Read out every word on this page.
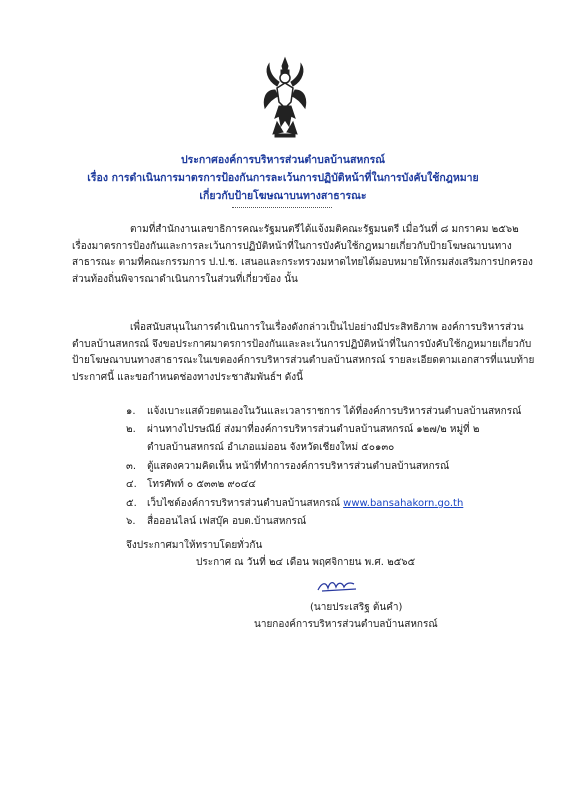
ประกาศองค์การบริหารส่วนตำบลบ้านสหกรณ์
เรื่อง การดำเนินการมาตรการป้องกันการละเว้นการปฏิบัติหน้าที่ในการบังคับใช้กฎหมาย
เกี่ยวกับป้ายโฆษณาบนทางสาธารณะ
ตามที่สำนักงานเลขาธิการคณะรัฐมนตรีได้แจ้งมติคณะรัฐมนตรี เมื่อวันที่ ๘ มกราคม ๒๕๖๒
เรื่องมาตรการป้องกันและการละเว้นการปฏิบัติหน้าที่ในการบังคับใช้กฎหมายเกี่ยวกับป้ายโฆษณาบนทาง
สาธารณะ ตามที่คณะกรรมการ ป.ป.ช. เสนอและกระทรวงมหาดไทยได้มอบหมายให้กรมส่งเสริมการปกครอง
ส่วนท้องถิ่นพิจารณาดำเนินการในส่วนที่เกี่ยวข้อง นั้น
เพื่อสนับสนุนในการดำเนินการในเรื่องดังกล่าวเป็นไปอย่างมีประสิทธิภาพ องค์การบริหารส่วน
ตำบลบ้านสหกรณ์ จึงขอประกาศมาตรการป้องกันและละเว้นการปฏิบัติหน้าที่ในการบังคับใช้กฎหมายเกี่ยวกับ
ป้ายโฆษณาบนทางสาธารณะในเขตองค์การบริหารส่วนตำบลบ้านสหกรณ์ รายละเอียดตามเอกสารที่แนบท้าย
ประกาศนี้ และขอกำหนดช่องทางประชาสัมพันธ์ฯ ดังนี้
๑. แจ้งเบาะแสด้วยตนเองในวันและเวลาราชการ ได้ที่องค์การบริหารส่วนตำบลบ้านสหกรณ์
๒. ผ่านทางไปรษณีย์ ส่งมาที่องค์การบริหารส่วนตำบลบ้านสหกรณ์ ๑๒๗/๒ หมู่ที่ ๒
ตำบลบ้านสหกรณ์ อำเภอแม่ออน จังหวัดเชียงใหม่ ๕๐๑๓๐
๓. ตู้แสดงความคิดเห็น หน้าที่ทำการองค์การบริหารส่วนตำบลบ้านสหกรณ์
๔. โทรศัพท์ ๐ ๕๓๓๒ ๙๐๔๔
๕. เว็บไซต์องค์การบริหารส่วนตำบลบ้านสหกรณ์ www.bansahakorn.go.th
๖. สื่อออนไลน์ เฟสบุ๊ค อบต.บ้านสหกรณ์
จึงประกาศมาให้ทราบโดยทั่วกัน
ประกาศ ณ วันที่ ๒๔ เดือน พฤศจิกายน พ.ศ. ๒๕๖๕
(นายประเสริฐ ต้นคำ)
นายกองค์การบริหารส่วนตำบลบ้านสหกรณ์
